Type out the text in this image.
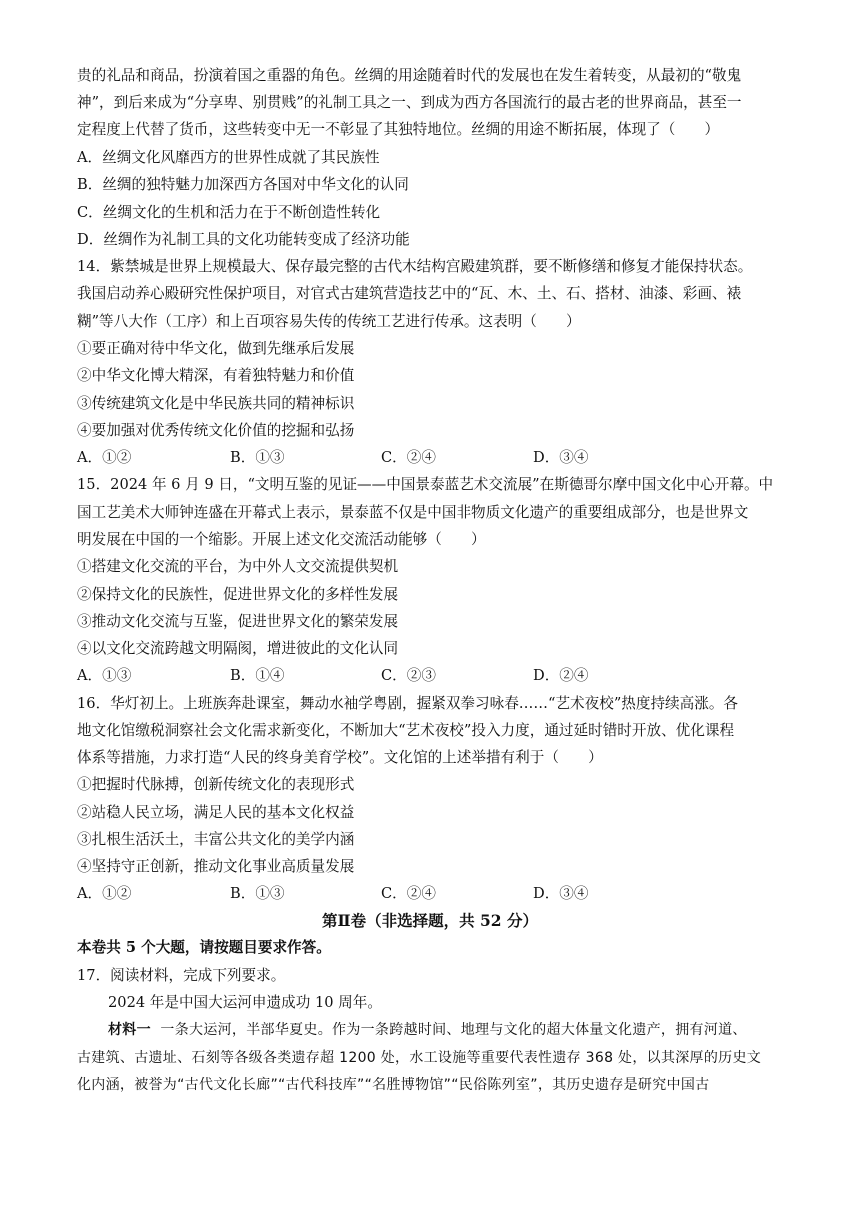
贵的礼品和商品，扮演着国之重器的角色。丝绸的用途随着时代的发展也在发生着转变，从最初的“敬鬼
神”，到后来成为“分享卑、别贯贱”的礼制工具之一、到成为西方各国流行的最古老的世界商品，甚至一
定程度上代替了货币，这些转变中无一不彰显了其独特地位。丝绸的用途不断拓展，体现了（　　）
A．丝绸文化风靡西方的世界性成就了其民族性
B．丝绸的独特魅力加深西方各国对中华文化的认同
C．丝绸文化的生机和活力在于不断创造性转化
D．丝绸作为礼制工具的文化功能转变成了经济功能
14．紫禁城是世界上规模最大、保存最完整的古代木结构宫殿建筑群，要不断修缮和修复才能保持状态。
我国启动养心殿研究性保护项目，对官式古建筑营造技艺中的“瓦、木、土、石、搭材、油漆、彩画、裱
糊”等八大作（工序）和上百项容易失传的传统工艺进行传承。这表明（　　）
①要正确对待中华文化，做到先继承后发展
②中华文化博大精深，有着独特魅力和价值
③传统建筑文化是中华民族共同的精神标识
④要加强对优秀传统文化价值的挖掘和弘扬
A．①②	B．①③	C．②④	D．③④
15．2024 年 6 月 9 日，“文明互鉴的见证——中国景泰蓝艺术交流展”在斯德哥尔摩中国文化中心开幕。中
国工艺美术大师钟连盛在开幕式上表示，景泰蓝不仅是中国非物质文化遗产的重要组成部分，也是世界文
明发展在中国的一个缩影。开展上述文化交流活动能够（　　）
①搭建文化交流的平台，为中外人文交流提供契机
②保持文化的民族性，促进世界文化的多样性发展
③推动文化交流与互鉴，促进世界文化的繁荣发展
④以文化交流跨越文明隔阂，增进彼此的文化认同
A．①③	B．①④	C．②③	D．②④
16．华灯初上。上班族奔赴课室，舞动水袖学粤剧，握紧双拳习咏春……“艺术夜校”热度持续高涨。各
地文化馆缴税洞察社会文化需求新变化，不断加大“艺术夜校”投入力度，通过延时错时开放、优化课程
体系等措施，力求打造“人民的终身美育学校”。文化馆的上述举措有利于（　　）
①把握时代脉搏，创新传统文化的表现形式
②站稳人民立场，满足人民的基本文化权益
③扎根生活沃土，丰富公共文化的美学内涵
④坚持守正创新，推动文化事业高质量发展
A．①②	B．①③	C．②④	D．③④
第Ⅱ卷（非选择题，共 52 分）
本卷共 5 个大题，请按题目要求作答。
17．阅读材料，完成下列要求。
2024 年是中国大运河申遗成功 10 周年。
材料一 一条大运河，半部华夏史。作为一条跨越时间、地理与文化的超大体量文化遗产，拥有河道、
古建筑、古遗址、石刻等各级各类遗存超 1200 处，水工设施等重要代表性遗存 368 处，以其深厚的历史文
化内涵，被誉为“古代文化长廊”“古代科技库”“名胜博物馆”“民俗陈列室”，其历史遗存是研究中国古
